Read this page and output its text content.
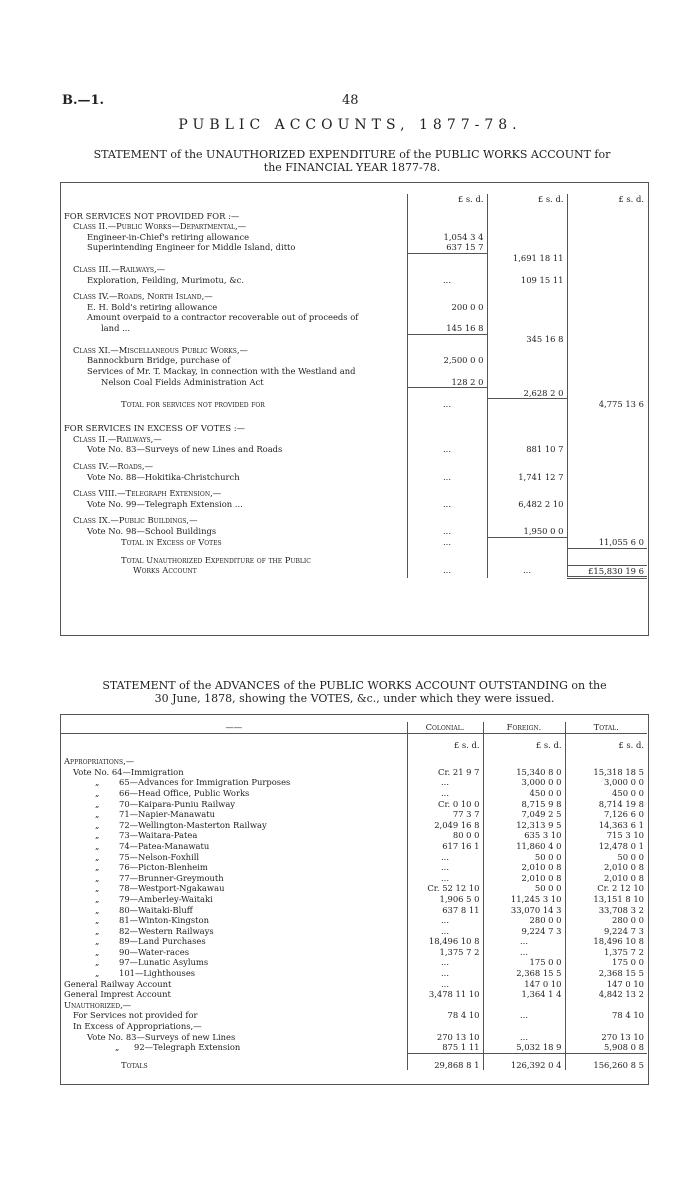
B.—1.	48
PUBLIC ACCOUNTS, 1877-78.
STATEMENT of the UNAUTHORIZED EXPENDITURE of the PUBLIC WORKS ACCOUNT for
the FINANCIAL YEAR 1877-78.
	£ s. d.	£ s. d.	£ s. d.

FOR SERVICES NOT PROVIDED FOR :—			
Class II.—Public Works—Departmental,—			
Engineer-in-Chief's retiring allowance	1,054 3 4		
Superintending Engineer for Middle Island, ditto	637 15 7		
		1,691 18 11	
Class III.—Railways,—			
Exploration, Feilding, Murimotu, &c.	...	109 15 11	

Class IV.—Roads, North Island,—			
E. H. Bold's retiring allowance	200 0 0		
Amount overpaid to a contractor recoverable out of proceeds of			
land ...	145 16 8		
		345 16 8	
Class XI.—Miscellaneous Public Works,—			
Bannockburn Bridge, purchase of	2,500 0 0		
Services of Mr. T. Mackay, in connection with the Westland and			
Nelson Coal Fields Administration Act	128 2 0		
		2,628 2 0	
Total for services not provided for	...		4,775 13 6

FOR SERVICES IN EXCESS OF VOTES :—			
Class II.—Railways,—			
Vote No. 83—Surveys of new Lines and Roads	...	881 10 7	

Class IV.—Roads,—			
Vote No. 88—Hokitika-Christchurch	...	1,741 12 7	

Class VIII.—Telegraph Extension,—			
Vote No. 99—Telegraph Extension ...	...	6,482 2 10	

Class IX.—Public Buildings,—			
Vote No. 98—School Buildings	...	1,950 0 0	
Total in Excess of Votes	...		11,055 6 0

Total Unauthorized Expenditure of the Public			
Works Account	...	...	£15,830 19 6
STATEMENT of the ADVANCES of the PUBLIC WORKS ACCOUNT OUTSTANDING on the
30 June, 1878, showing the VOTES, &c., under which they were issued.
——	Colonial.	Foreign.	Total.

	£ s. d.	£ s. d.	£ s. d.

Appropriations,—			
Vote No. 64—Immigration	Cr. 21 9 7	15,340 8 0	15,318 18 5
„ 65—Advances for Immigration Purposes	...	3,000 0 0	3,000 0 0
„ 66—Head Office, Public Works	...	450 0 0	450 0 0
„ 70—Kaipara-Puniu Railway	Cr. 0 10 0	8,715 9 8	8,714 19 8
„ 71—Napier-Manawatu	77 3 7	7,049 2 5	7,126 6 0
„ 72—Wellington-Masterton Railway	2,049 16 8	12,313 9 5	14,363 6 1
„ 73—Waitara-Patea	80 0 0	635 3 10	715 3 10
„ 74—Patea-Manawatu	617 16 1	11,860 4 0	12,478 0 1
„ 75—Nelson-Foxhill	...	50 0 0	50 0 0
„ 76—Picton-Blenheim	...	2,010 0 8	2,010 0 8
„ 77—Brunner-Greymouth	...	2,010 0 8	2,010 0 8
„ 78—Westport-Ngakawau	Cr. 52 12 10	50 0 0	Cr. 2 12 10
„ 79—Amberley-Waitaki	1,906 5 0	11,245 3 10	13,151 8 10
„ 80—Waitaki-Bluff	637 8 11	33,070 14 3	33,708 3 2
„ 81—Winton-Kingston	...	280 0 0	280 0 0
„ 82—Western Railways	...	9,224 7 3	9,224 7 3
„ 89—Land Purchases	18,496 10 8	...	18,496 10 8
„ 90—Water-races	1,375 7 2	...	1,375 7 2
„ 97—Lunatic Asylums	...	175 0 0	175 0 0
„ 101—Lighthouses	...	2,368 15 5	2,368 15 5
General Railway Account	...	147 0 10	147 0 10
General Imprest Account	3,478 11 10	1,364 1 4	4,842 13 2
Unauthorized,—			
For Services not provided for	78 4 10	...	78 4 10
In Excess of Appropriations,—			
Vote No. 83—Surveys of new Lines	270 13 10	...	270 13 10
„ 92—Telegraph Extension	875 1 11	5,032 18 9	5,908 0 8

Totals	29,868 8 1	126,392 0 4	156,260 8 5
